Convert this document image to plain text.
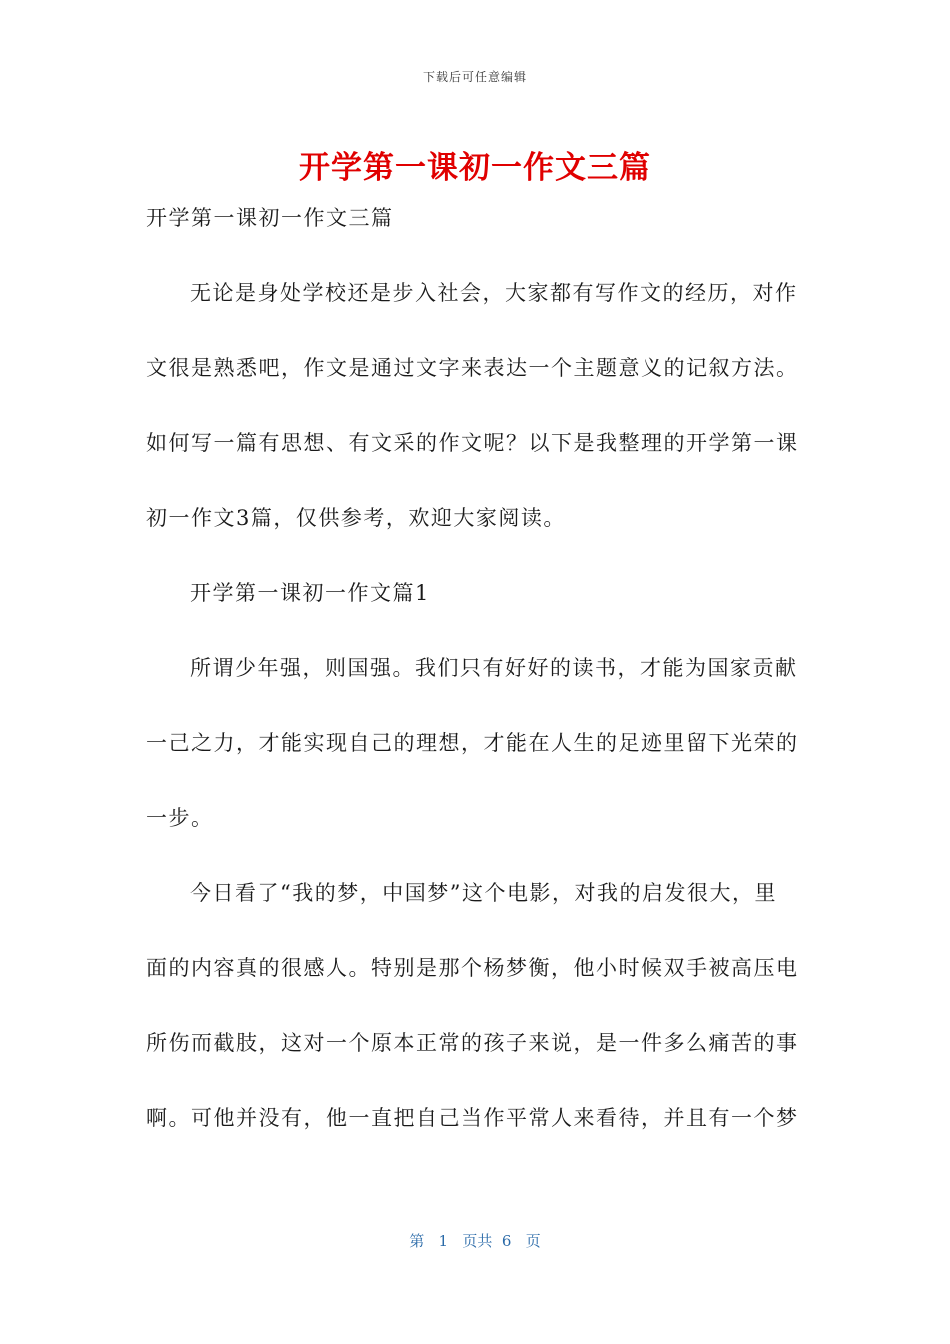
下载后可任意编辑
开学第一课初一作文三篇
开学第一课初一作文三篇
无论是身处学校还是步入社会，大家都有写作文的经历，对作
文很是熟悉吧，作文是通过文字来表达一个主题意义的记叙方法。
如何写一篇有思想、有文采的作文呢？以下是我整理的开学第一课
初一作文3篇，仅供参考，欢迎大家阅读。
开学第一课初一作文篇1
所谓少年强，则国强。我们只有好好的读书，才能为国家贡献
一己之力，才能实现自己的理想，才能在人生的足迹里留下光荣的
一步。
今日看了“我的梦，中国梦”这个电影，对我的启发很大，里
面的内容真的很感人。特别是那个杨梦衡，他小时候双手被高压电
所伤而截肢，这对一个原本正常的孩子来说，是一件多么痛苦的事
啊。可他并没有，他一直把自己当作平常人来看待，并且有一个梦
第   1   页共  6   页
